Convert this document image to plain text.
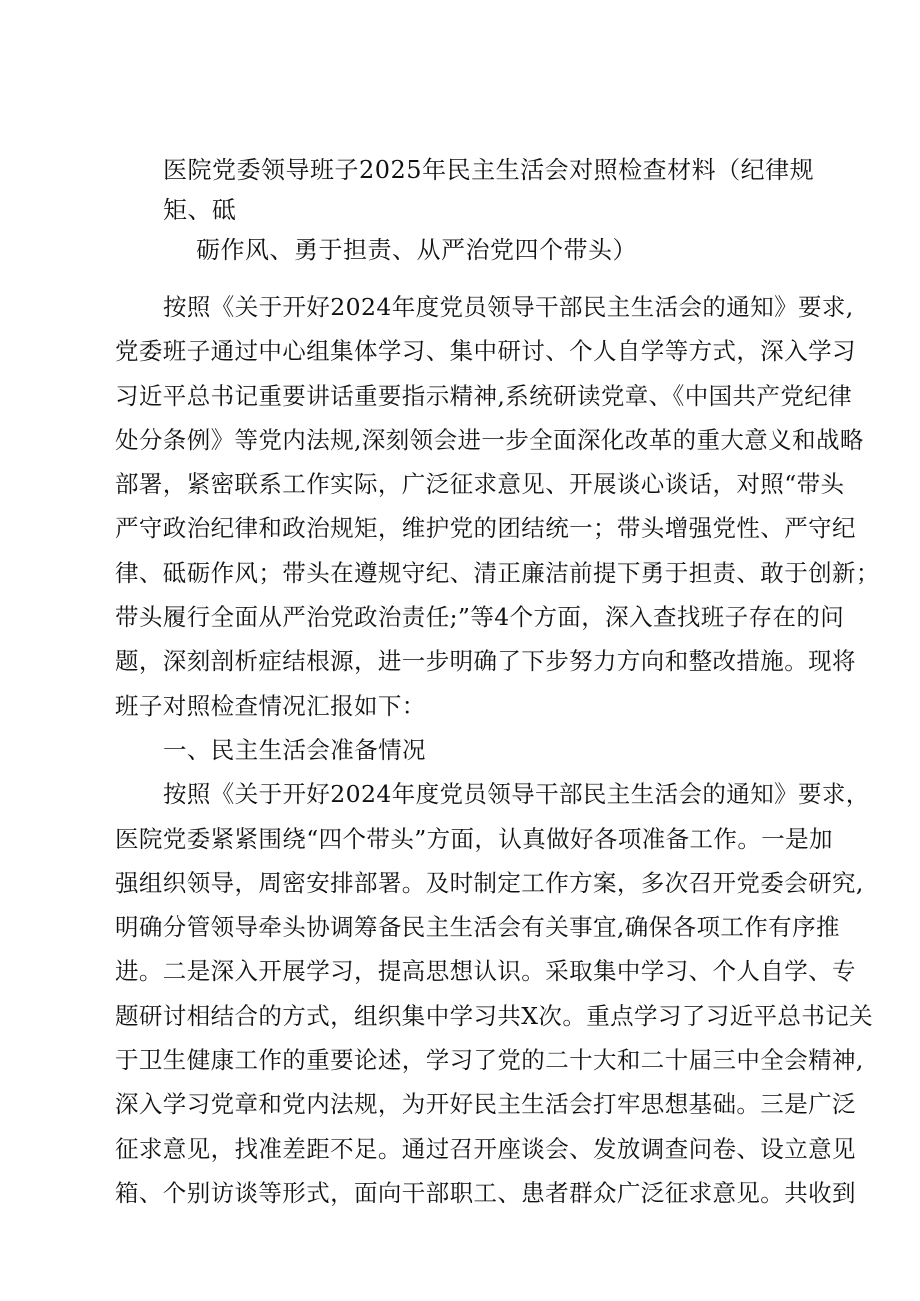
医院党委领导班子2025年民主生活会对照检查材料（纪律规矩、砥
砺作风、勇于担责、从严治党四个带头）
按照《关于开好2024年度党员领导干部民主生活会的通知》要求,
党委班子通过中心组集体学习、集中研讨、个人自学等方式，深入学习
习近平总书记重要讲话重要指示精神,系统研读党章、《中国共产党纪律
处分条例》等党内法规,深刻领会进一步全面深化改革的重大意义和战略
部署，紧密联系工作实际，广泛征求意见、开展谈心谈话，对照“带头
严守政治纪律和政治规矩，维护党的团结统一；带头增强党性、严守纪
律、砥砺作风；带头在遵规守纪、清正廉洁前提下勇于担责、敢于创新；
带头履行全面从严治党政治责任;”等4个方面，深入查找班子存在的问
题，深刻剖析症结根源，进一步明确了下步努力方向和整改措施。现将
班子对照检查情况汇报如下：
一、民主生活会准备情况
按照《关于开好2024年度党员领导干部民主生活会的通知》要求，
医院党委紧紧围绕“四个带头”方面，认真做好各项准备工作。一是加
强组织领导，周密安排部署。及时制定工作方案，多次召开党委会研究,
明确分管领导牵头协调筹备民主生活会有关事宜,确保各项工作有序推
进。二是深入开展学习，提高思想认识。采取集中学习、个人自学、专
题研讨相结合的方式，组织集中学习共X次。重点学习了习近平总书记关
于卫生健康工作的重要论述，学习了党的二十大和二十届三中全会精神,
深入学习党章和党内法规，为开好民主生活会打牢思想基础。三是广泛
征求意见，找准差距不足。通过召开座谈会、发放调查问卷、设立意见
箱、个别访谈等形式，面向干部职工、患者群众广泛征求意见。共收到
